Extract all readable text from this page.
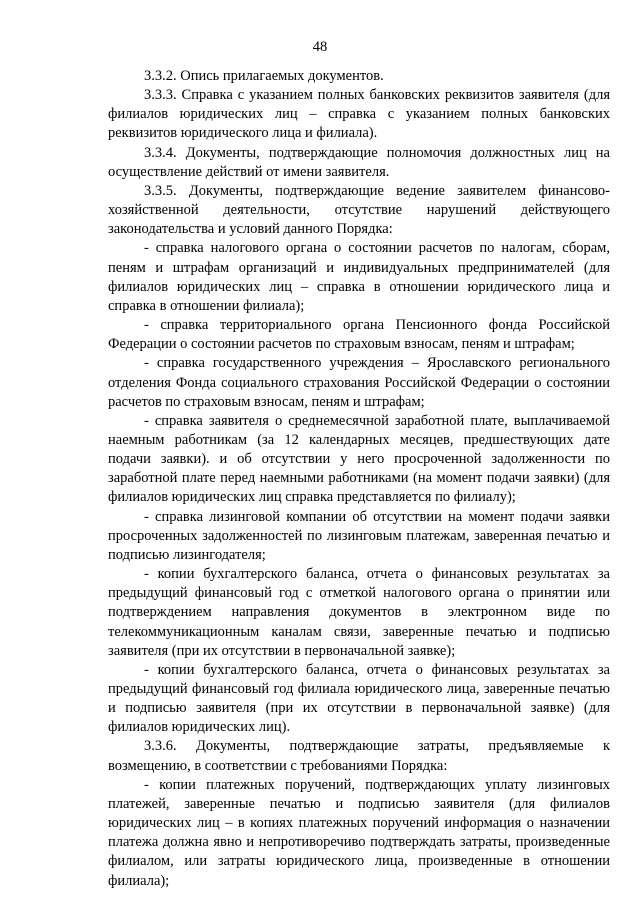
48

3.3.2. Опись прилагаемых документов.

3.3.3. Справка с указанием полных банковских реквизитов заявителя (для филиалов юридических лиц – справка с указанием полных банковских реквизитов юридического лица и филиала).

3.3.4. Документы, подтверждающие полномочия должностных лиц на осуществление действий от имени заявителя.

3.3.5. Документы, подтверждающие ведение заявителем финансово-хозяйственной деятельности, отсутствие нарушений действующего законодательства и условий данного Порядка:

- справка налогового органа о состоянии расчетов по налогам, сборам, пеням и штрафам организаций и индивидуальных предпринимателей (для филиалов юридических лиц – справка в отношении юридического лица и справка в отношении филиала);

- справка территориального органа Пенсионного фонда Российской Федерации о состоянии расчетов по страховым взносам, пеням и штрафам;

- справка государственного учреждения – Ярославского регионального отделения Фонда социального страхования Российской Федерации о состоянии расчетов по страховым взносам, пеням и штрафам;

- справка заявителя о среднемесячной заработной плате, выплачиваемой наемным работникам (за 12 календарных месяцев, предшествующих дате подачи заявки). и об отсутствии у него просроченной задолженности по заработной плате перед наемными работниками (на момент подачи заявки) (для филиалов юридических лиц справка представляется по филиалу);

- справка лизинговой компании об отсутствии на момент подачи заявки просроченных задолженностей по лизинговым платежам, заверенная печатью и подписью лизингодателя;

- копии бухгалтерского баланса, отчета о финансовых результатах за предыдущий финансовый год с отметкой налогового органа о принятии или подтверждением направления документов в электронном виде по телекоммуникационным каналам связи, заверенные печатью и подписью заявителя (при их отсутствии в первоначальной заявке);

- копии бухгалтерского баланса, отчета о финансовых результатах за предыдущий финансовый год филиала юридического лица, заверенные печатью и подписью заявителя (при их отсутствии в первоначальной заявке) (для филиалов юридических лиц).

3.3.6. Документы, подтверждающие затраты, предъявляемые к возмещению, в соответствии с требованиями Порядка:

- копии платежных поручений, подтверждающих уплату лизинговых платежей, заверенные печатью и подписью заявителя (для филиалов юридических лиц – в копиях платежных поручений информация о назначении платежа должна явно и непротиворечиво подтверждать затраты, произведенные филиалом, или затраты юридического лица, произведенные в отношении филиала);
